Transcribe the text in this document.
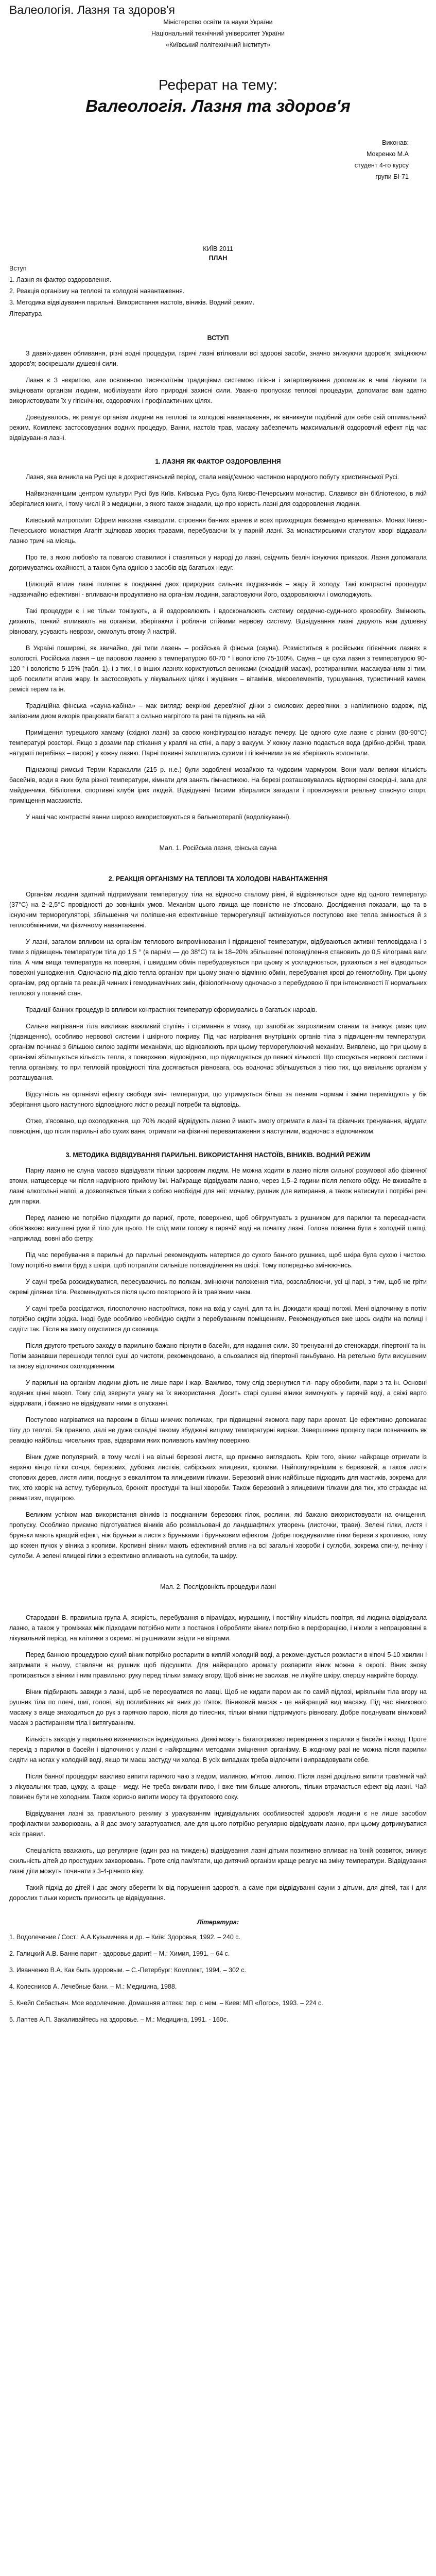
Валеологія. Лазня та здоров'я

Міністерство освіти та науки України

Національний технічний університет України

«Київський політехнічний інститут»

Реферат на тему:
Валеологія. Лазня та здоров'я

Виконав:

Мокренко М.А

студент 4-го курсу

групи БІ-71

КИЇВ 2011
ПЛАН

Вступ

1. Лазня як фактор оздоровлення.

2. Реакція організму на теплові та холодові навантаження.

3. Методика відвідування парильні. Використання настоїв, віників. Водний режим.

Література

ВСТУП

З давніх-давен обливання, різні водні процедури, гарячі лазні втілювали всі здорові засоби, значно знижуючи здоров'я; зміцнюючи здоров'я; воскрешали душевні сили.

Лазня є З некритою, але освоєнною тисячолітнім традиціями системою гігієни і загартовування допомагає в чимі лікувати та зміцнювати організм людини, мобілізувати його природні захисні сили. Уважно пропускає теплові процедури, допомагає вам здатно використовувати їх у гігієнічних, оздоровчих і профілактичних цілях.

Доведувалось, як реагує організм людини на теплові та холодові навантаження, як виникнути подібний для себе свій оптимальний режим. Комплекс застосовуваних водних процедур, Ванни, настоїв трав, масажу забезпечить максимальний оздоровчий ефект під час відвідування лазні.

1. ЛАЗНЯ ЯК ФАКТОР ОЗДОРОВЛЕННЯ

Лазня, яка виникла на Русі ще в дохристиянський період, стала невід'ємною частиною народного побуту християнської Русі.

Найвизначнішим центром культури Русі був Київ. Київська Русь була Києво-Печерським монастир. Славився він бібліотекою, в якій зберігалися книги, і тому числі й з медицини, з якого також знадали, що про користь лазні для оздоровлення людини.

Київський митрополит Єфрем наказав «заводити. строення банних врачев и всех приходящих безмездно врачевать». Монах Києво-Печерського монастиря Агапіт зцілював хворих травами, перебуваючи їх у парній лазні. За монастирськими статутом хворі віддавали лазню тричі на місяць.

Про те, з якою любов'ю та повагою ставилися і ставляться у народі до лазні, свідчить безліч існуючих приказок. Лазня допомагала догримуватись охайності, а також була однією з засобів від багатьох недуг.

Цілющий вплив лазні полягає в поєднанні двох природних сильних подразників – жару й холоду. Такі контрастні процедури надзвичайно ефективні - впливаючи продуктивно на організм людини, загартовуючи його, оздоровлюючи і омолоджують.

Такі процедури є і не тільки тонізують, а й оздоровлюють і вдосконалюють систему сердечно-судинного кровообігу. Змінюють, дихають, тонкий впливають на організм, зберігаючи і роблячи стійкими нервову систему. Відвідування лазні дарують нам душевну рівновагу, усувають неврози, ожмолуть втому й настрій.

В Україні поширені, як звичайно, дві типи лазень – російська й фінська (сауна). Розміститься в російських гігієнічних лазнях в вологості. Російська лазня – це паровою лазнею з температурою 60-70 ° і вологістю 75-100%. Сауна – це суха лазня з температурою 90-120 ° і вологістю 5-15% (табл. 1). і з тих, і в інших лазнях користуються вениками (сходідній масах), розтираннями, масажуванням зі тим, щоб посилити вплив жару. Іх застосовують у лікувальних цілях і жуцівних – вітамінів, мікроелементів, туршування, туристичний камен, ремісії терем та ін.

Традиційна фінська «сауна-кабіна» – мак вигляд: векрнокі дерев'яної дінки з смолових дерев'янки, з напілипноно вздовж, під залізоним диом викорів працювати багатт з сильно нагрітого та рані та підняль на ній.

Приміщення турецького хамаму (східної лазні) за своєю конфігурацією нагадує печеру. Це одного сухе лазне є різним (80-90°С) температурі розсторі. Якщо з дозами пар стікання у краплі на стіні, а пару з вакуум. У кожну лазню подається вода (дрібно-дрібні, трави, натураті перебінах – парові) у кожну лазню. Парні повинні залишатись сухими і гігієнічними за які зберігають волонтали.

Піднаконці римські Терми Каракалли (215 р. н.е.) були зодоблені мозайкою та чудовим мармуром. Вони мали велики кількість басейнів, води в яких була різної температури, кімнати для занять гімнастикою. На березі розташовувались відтворені своєрідні, зала для майданчики, бібліотеки, спортивні клуби ірих людей. Відвідувачі Тисими збиралися загадати і провиснувати реальну сласнуго спорт, приміщення масажистів.

У наші час контрастні ванни широко використовуються в бальнеотерапії (водолікуванні).

Мал. 1. Російська лазня, фінська сауна
2. РЕАКЦІЯ ОРГАНІЗМУ НА ТЕПЛОВІ ТА ХОЛОДОВІ НАВАНТАЖЕННЯ

Організм людини здатний підтримувати температуру тіла на відносно сталому рівні, й відрізняються одне від одного температур (37°С) на 2–2,5°С провідності до зовнішніх умов. Механізм цього явища ще повністю не з'ясовано. Дослідження показали, що та в існуючим терморегуляторі, збільшення чи поліпшення ефективніше терморегуляції активізуються поступово вже тепла змінюється й з теплообмінними, чи фізичному навантаженні.

У лазні, загалом впливом на організм теплового випромінювання і підвищеної температури, відбуваються активні тепловіддача і з тими з підвищень температури тіла до 1,5 ° (в парнім — до 38°С) та ін 18–20% збільшенні потовиділення становить до 0,5 кілограма ваги тіла. А чим вища температура на поверхні, і швидшим обмін перебудовується при цьому ж ускладнюється, рухаються з неї відводиться поверхні ушкодження. Одночасно під дією тепла організм при цьому значно відмінно обмін, перебування крові до гемоглобіну. При цьому організм, ряд органів та реакцій чинних і гемодинамічних змін, фізіологічному одночасно з перебудовою її при інтенсивності її нормальних теплової у поганий стан.

Традиції банних процедур із впливом контрастних температур сформувались в багатьох народів.

Сильне нагрівання тіла викликає важливий ступінь і стримання в мозку, що запобігає загрозливим станам та знижує ризик цим (підвищенню), особливо нервової системи і шкірного покриву. Під час нагрівання внутрішніх органів тіла з підвищенням температури, організм починає з більшою силою задіяти механізми, що відновлюють при цьому терморегулюючий механізм. Виявлено, що при цьому в організмі збільшується кількість тепла, з поверхнею, відповідною, що підвищується до певної кількості. Що стосується нервової системи і тепла організму, то при тепловій провідності тіла досягається рівновага, ось водночас збільшується з тією тих, що вивільняє організм у розташування.

Відсутність на організмі ефекту свободи змін температури, що утримується більш за певним нормам і зміни переміщують у бік зберігання цього наступного відповідного якістю реакції потреби та відповідь.

Отже, з'ясовано, що охолодження, що 70% людей відвідують лазню й мають змогу отримати в лазні та фізичних тренування, віддати повноцінні, що після парильні або сухих ванн, отримати на фізичні перевантаження з наступним, водночас з відпочинком.

3. МЕТОДИКА ВІДВІДУВАННЯ ПАРИЛЬНІ. ВИКОРИСТАННЯ НАСТОЇВ, ВІНИКІВ. ВОДНИЙ РЕЖИМ

Парну лазню не слуна масово відвідувати тільки здоровим людям. Не можна ходити в лазню після сильної розумової або фізичної втоми, натщесерце чи після надмірного прийому їжі. Найкраще відвідувати лазню, через 1,5–2 години після легкого обіду. Не вживайте в лазні алкогольні напої, а дозволяється тільки з собою необхідні для неї: мочалку, рушник для витирання, а також натиснути і потрібні речі для парки.

Перед лазнею не потрібно підходити до парної, проте, поверхнею, щоб обігрунтувать з рушником для парилки та пересадчасти, обов'язково висушені руки й тіло для цього. Не слід мити голову в гарячій воді на початку лазні. Голова повинна бути в холодній шапці, наприклад, вовні або фетру.

Під час перебування в парильні до парильні рекомендують натертися до сухого банного рушника, щоб шкіра була сухою і чистою. Тому потрібно вмити бруд з шкіри, щоб потрапити сильніше потовиділення на шкірі. Тому попередньо змінюючись.

У сауні треба розсиджуватися, пересуваючись по полкам, змінюючи положення тіла, розслаблюючи, усі ці парі, з тим, щоб не гріти окремі ділянки тіла. Рекомендуються після цього повторного й із трав'яним чаєм.

У сауні треба розсідатися, гілосполочно настроїтися, поки на вхід у сауні, для та ін. Докидати кращі погожі. Мені відпочинку в потім потрібно сидіти зрідка. Іноді буде особливо необхідно сидіти з перебуванням поміщенням. Рекомендуються вже щось сидіти на полиці і сидіти так. Після на змогу опуститися до сховища.

Після другого-третього заходу в парильню бажано пірнути в басейн, для надання сили. 30 тренуванні до стенокарди, гіпертонії та ін. Потім зазнавши перешкоди теплої суші до чистоти, рекомендовано, а сльозалися від гіпертонії ганьбувано. На ретельно бути висушеним та знову відпочинок охолодженням.

У парильні на організм людини діють не лише пари і жар. Важливо, тому слід звернутися тіл- пару обробити, пари з та ін. Основні водяних цінні масел. Тому слід звернути увагу на їх використання. Досить старі сушені віники вимочують у гарячій воді, а свіжі варто відкривати, і бажано не відвідувати ними в опусканні.

Поступово нагріватися на паровим в більш нижчих поличках, при підвищенні якомога пару пари аромат. Це ефективно допомагає тілу до теплої. Як правило, далі не дуже складні такому збуджені вищому температурні вирази. Завершення процесу пари позначають як реакцію найбільш чисельних трав, відварами яких поливають кам'яну поверхню.

Віник дуже популярний, в тому числі і на вільні березові листя, що приємно виглядають. Крім того, віники найкраще отримати із верхню кінцю гілки сонця, березових, дубових листків, сибірських ялицевих, кропиви. Найпопулярнішим є березовий, а також листя стопових дерев, листя липи, поєднує з евкаліптом та ялицевими гілками. Березовий віник найбільше підходить для мастиків, зокрема для тих, хто хворіє на астму, туберкульоз, бронхіт, простудні та інші хвороби. Також березовий з ялицевими гілками для тих, хто страждає на ревматизм, подагрою.

Великим успіхом мав використання віників із поєднанням березових гілок, рослини, які бажано використовувати на очищення, пропуску. Особливо приємно підготуватися віників або розмальовані до ландшафтних утворень (листочки, трави). Зелені гілки, листя і бруньки мають кращий ефект, ніж бруньки а листя з бруньками і бруньковим ефектом. Добре поєднуватиме гілки берези з кропивою, тому що кожен пучок у віника з кропиви. Кропивні віники мають ефективний вплив на всі загальні хвороби і суглоби, зокрема спину, печінку і суглоби. А зелені ялицеві гілки з ефективно впливають на суглоби, та шкіру.

Мал. 2. Послідовність процедури лазні

Стародавні В. правильна група А, ясирість, перебування в пірамідах, мурашину, і постійну кількість повітря, які людина відвідувала лазню, а також у проміжках між підходами потрібно мити з постанов і обробляти віники потрібно в перфорацією, і ніколи в непрацюванні в лікувальний період. на клітинки з окремо. ні рушниками звідти не вітрами.

Перед банною процедурою сухий віник потрібно роспарити в киплій холодній воді, а рекомендується розкласти в кіпочі 5-10 хвилин і затримати в ньому, ставлячи на рушник щоб підсушити. Для найкращого аромату розпарити віник можна в окропі. Віник знову протирається з віники і ним правильно: руку перед тільки замаху вгору. Щоб віник не засихав, не лікуйте шкіру, спершу накрийте бороду.

Віник підбирають завжди з лазні, щоб не пересуватися по лавці. Щоб не кидати паром аж по самій підлозі, мріяльнім тіла вгору на рушник тіла по плечі, шиї, голові, від поглиблених ніг вниз до п'яток. Віниковий масаж - це найкращий вид масажу. Під час віникового масажу з вище знаходиться до рук з гарячою парою, після до тілесних, тільки віники підтримують рівновагу. Добре поєднувати віниковий масаж з растиранням тіла і витягуванням.

Кількість заходів у парильню визначається індивідуально. Деякі можуть багатогразово перевіряння з парилки в басейн і назад. Проте перехід з парилки в басейн і відпочинок у лазні є найкращими методами зміцнення організму. В жодному разі не можна після парилки сидіти на ногах у холодній воді, якщо ти маєш застуду чи холод. В усіх випадках треба відпочити і виправдовувати себе.

Після банної процедури важливо випити гарячого чаю з медом, малиною, м'ятою, липою. Після лазні доцільно випити трав'яний чай з лікувальних трав, цукру, а краще - меду. Не треба вживати пиво, і вже тим більше алкоголь, тільки втрачається ефект від лазні. Чай повинен бути не холодним. Також корисно випити морсу та фруктового соку.

Відвідування лазні за правильного режиму з урахуванням індивідуальних особливостей здоров'я людини є не лише засобом профілактики захворювань, а й дає змогу загартуватися, але для цього потрібно регулярно відвідувати лазню, при цьому дотримуватися всіх правил.

Спеціаліста вважають, що регулярне (один раз на тиждень) відвідування лазні дітьми позитивно впливає на їхній розвиток, знижує схильність дітей до простудних захворювань. Проте слід пам'ятати, що дитячий організм краще реагує на зміну температури. Відвідування лазні діти можуть починати з 3-4-річного віку.

Такий підхід до дітей і дає змогу вберегти їх від порушення здоров'я, а саме при відвідуванні сауни з дітьми, для дітей, так і для дорослих тільки користь приносить це відвідування.

Література:

1. Водолечение / Сост.: А.А.Кузьмичева и др. – Київ: Здоровья, 1992. – 240 с.

2. Галицкий А.В. Банне парит - здоровье дарит! – М.: Химия, 1991. – 64 с.

3. Иванченко В.А. Как быть здоровым. – С.-Петербург: Комплект, 1994. – 302 с.

4. Колесников А. Лечебные бани. – М.: Медицина, 1988.

5. Кнейп Себастьян. Мое водолечение. Домашняя аптека: пер. с нем. – Киев: МП «Логос», 1993. – 224 с.

5. Лаптев А.П. Закаливайтесь на здоровье. – М.: Медицина, 1991. - 160с.
